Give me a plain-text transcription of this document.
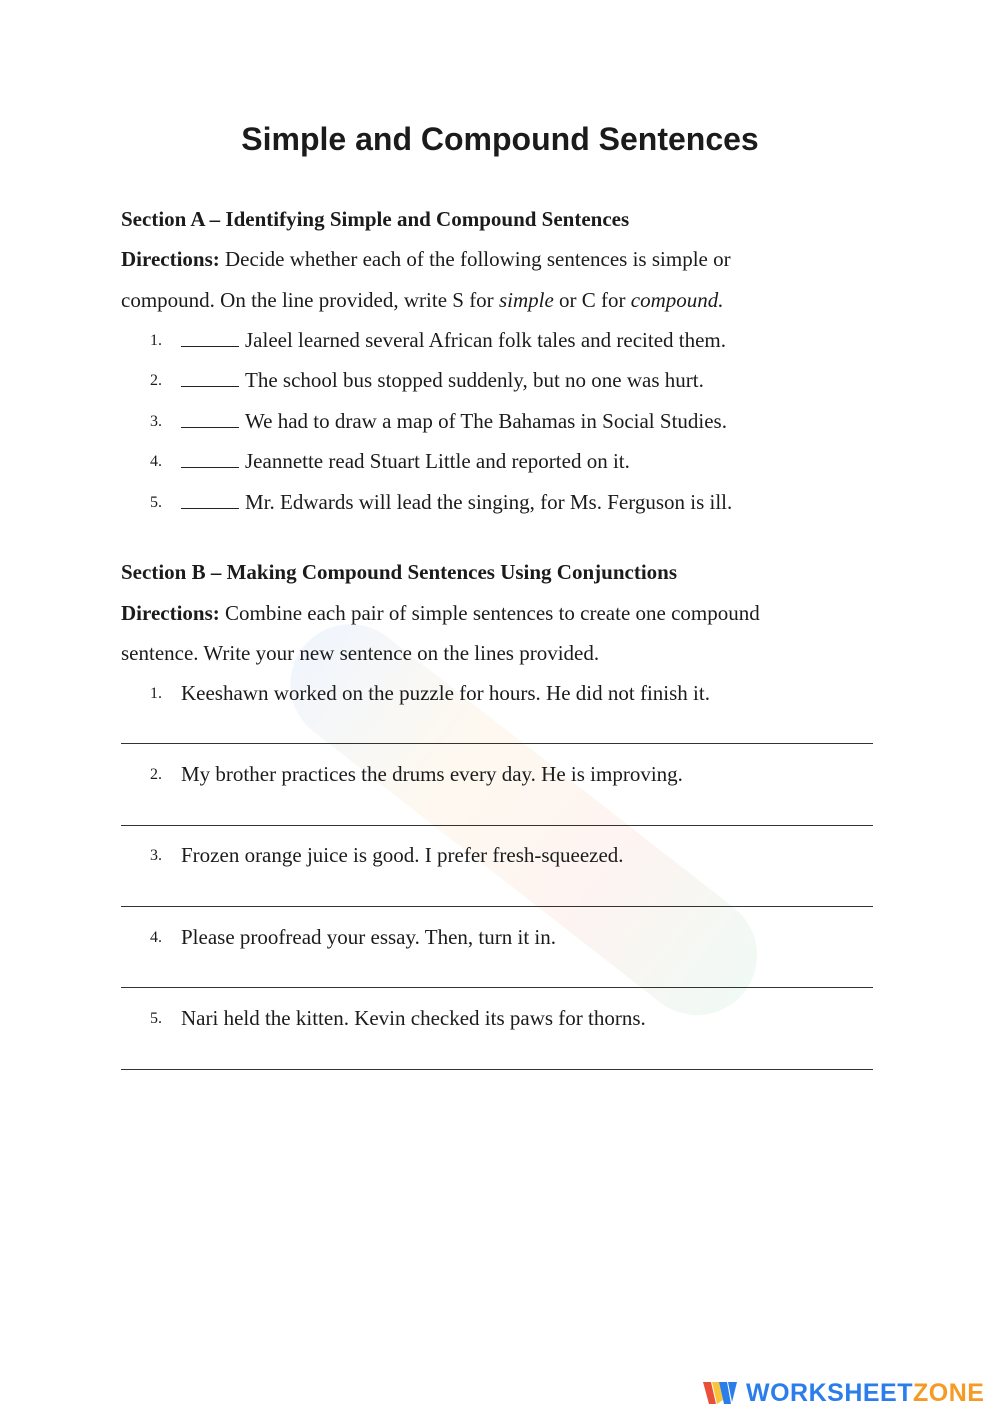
Simple and Compound Sentences
Section A – Identifying Simple and Compound Sentences
Directions: Decide whether each of the following sentences is simple or
compound. On the line provided, write S for simple or C for compound.
1.	Jaleel learned several African folk tales and recited them.
2.	The school bus stopped suddenly, but no one was hurt.
3.	We had to draw a map of The Bahamas in Social Studies.
4.	Jeannette read Stuart Little and reported on it.
5.	Mr. Edwards will lead the singing, for Ms. Ferguson is ill.
Section B – Making Compound Sentences Using Conjunctions
Directions: Combine each pair of simple sentences to create one compound
sentence. Write your new sentence on the lines provided.
1. Keeshawn worked on the puzzle for hours. He did not finish it.
2. My brother practices the drums every day. He is improving.
3. Frozen orange juice is good. I prefer fresh-squeezed.
4. Please proofread your essay. Then, turn it in.
5. Nari held the kitten. Kevin checked its paws for thorns.
WORKSHEETZONE
